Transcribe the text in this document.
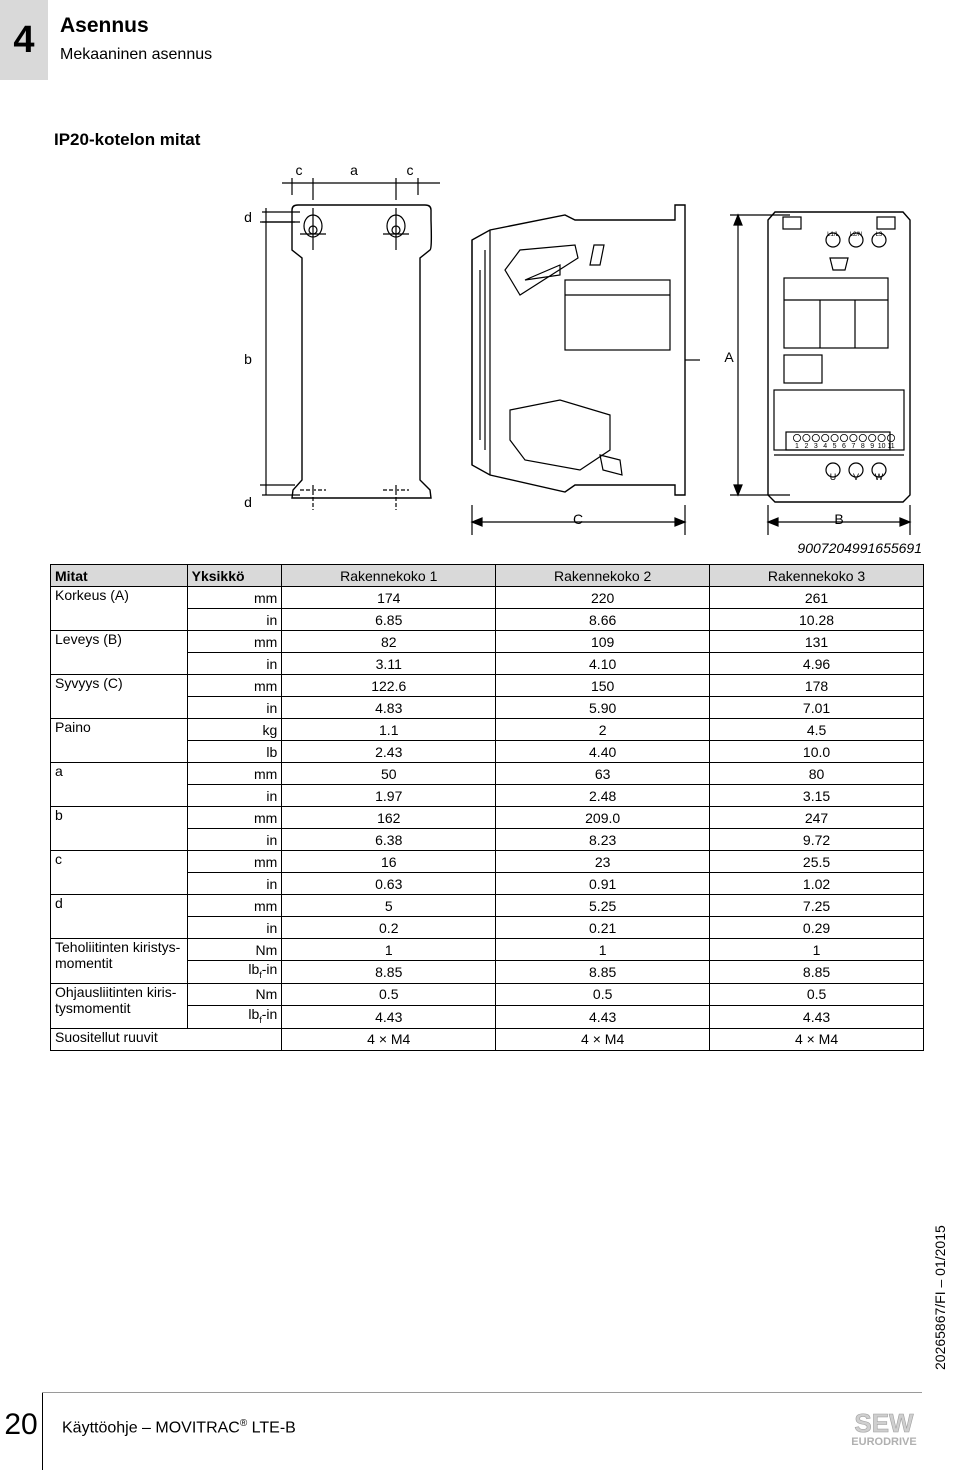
4	Asennus
Mekaaninen asennus
IP20-kotelon mitat
c	a	c
d
b
d
A
C	B
L1/L L2/N L3
U V W
1 2 3 4 5 6 7 8 9 10 11
9007204991655691
Mitat	Yksikkö	Rakennekoko 1	Rakennekoko 2	Rakennekoko 3
Korkeus (A)	mm	174	220	261
	in	6.85	8.66	10.28
Leveys (B)	mm	82	109	131
	in	3.11	4.10	4.96
Syvyys (C)	mm	122.6	150	178
	in	4.83	5.90	7.01
Paino	kg	1.1	2	4.5
	lb	2.43	4.40	10.0
a	mm	50	63	80
	in	1.97	2.48	3.15
b	mm	162	209.0	247
	in	6.38	8.23	9.72
c	mm	16	23	25.5
	in	0.63	0.91	1.02
d	mm	5	5.25	7.25
	in	0.2	0.21	0.29

Teholiitinten kiristys-
momentit	Nm	1	1	1
	$lb_f-in$	8.85	8.85	8.85

Ohjausliitinten kiris-
tysmomentit	Nm	0.5	0.5	0.5
	$lb_f-in$	4.43	4.43	4.43
Suositellut ruuvit		4 × M4	4 × M4	4 × M4
20265867/FI – 01/2015
20 Käyttöohje – MOVITRAC® LTE-B	SEW
EURODRIVE
